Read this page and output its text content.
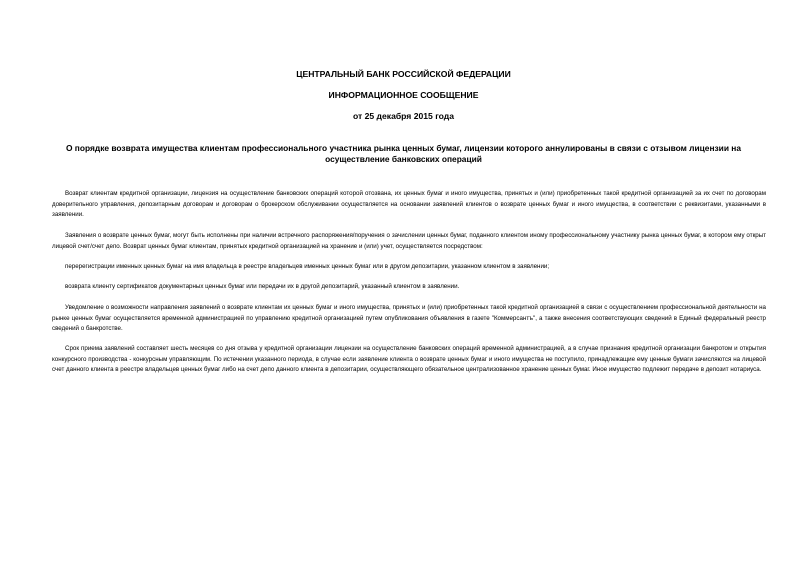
ЦЕНТРАЛЬНЫЙ БАНК РОССИЙСКОЙ ФЕДЕРАЦИИ
ИНФОРМАЦИОННОЕ СООБЩЕНИЕ
от 25 декабря 2015 года
О порядке возврата имущества клиентам профессионального участника рынка ценных бумаг, лицензии которого аннулированы в связи с отзывом лицензии на осуществление банковских операций

Возврат клиентам кредитной организации, лицензия на осуществление банковских операций которой отозвана, их ценных бумаг и иного имущества, принятых и (или) приобретенных такой кредитной организацией за их счет по договорам доверительного управления, депозитарным договорам и договорам о брокерском обслуживании осуществляется на основании заявлений клиентов о возврате ценных бумаг и иного имущества, в соответствии с реквизитами, указанными в заявлении.

Заявления о возврате ценных бумаг, могут быть исполнены при наличии встречного распоряжения/поручения о зачислении ценных бумаг, поданного клиентом иному профессиональному участнику рынка ценных бумаг, в котором ему открыт лицевой счет/счет депо. Возврат ценных бумаг клиентам, принятых кредитной организацией на хранение и (или) учет, осуществляется посредством:

перерегистрации именных ценных бумаг на имя владельца в реестре владельцев именных ценных бумаг или в другом депозитарии, указанном клиентом в заявлении;

возврата клиенту сертификатов документарных ценных бумаг или передачи их в другой депозитарий, указанный клиентом в заявлении.

Уведомление о возможности направления заявлений о возврате клиентам их ценных бумаг и иного имущества, принятых и (или) приобретенных такой кредитной организацией в связи с осуществлением профессиональной деятельности на рынке ценных бумаг осуществляется временной администрацией по управлению кредитной организацией путем опубликования объявления в газете "Коммерсантъ", а также внесения соответствующих сведений в Единый федеральный реестр сведений о банкротстве.

Срок приема заявлений составляет шесть месяцев со дня отзыва у кредитной организации лицензии на осуществление банковских операций временной администрацией, а в случае признания кредитной организации банкротом и открытия конкурсного производства - конкурсным управляющим. По истечении указанного периода, в случае если заявление клиента о возврате ценных бумаг и иного имущества не поступило, принадлежащие ему ценные бумаги зачисляются на лицевой счет данного клиента в реестре владельцев ценных бумаг либо на счет депо данного клиента в депозитарии, осуществляющего обязательное централизованное хранение ценных бумаг. Иное имущество подлежит передаче в депозит нотариуса.
